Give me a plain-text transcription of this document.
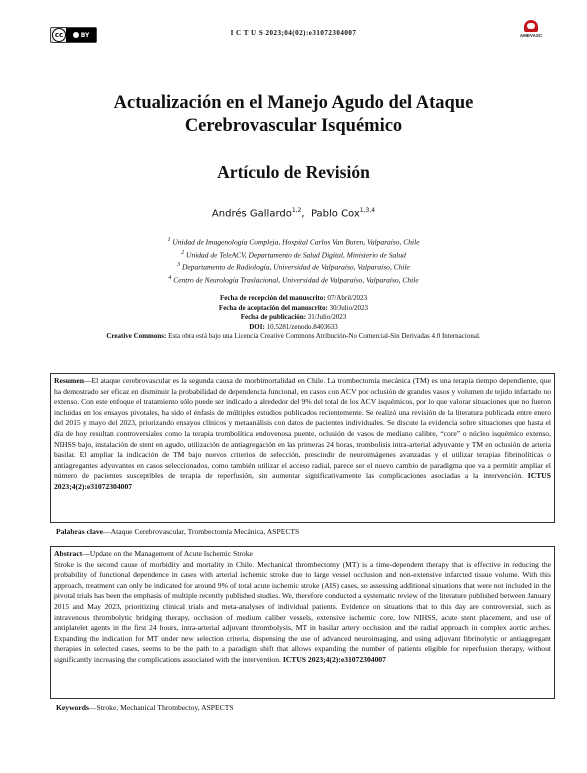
cc	BY	I C T U S 2023;04(02):e31072304007	AMEVASC
Actualización en el Manejo Agudo del Ataque
Cerebrovascular Isquémico
Artículo de Revisión
Andrés Gallardo$^{1,2}$,  Pablo Cox$^{1,3,4}$
$^1$ Unidad de Imagenología Compleja, Hospital Carlos Van Buren, Valparaíso, Chile
$^2$ Unidad de TeleACV, Departamento de Salud Digital, Ministerio de Salud
$^3$ Departamento de Radiología, Universidad de Valparaíso, Valparaíso, Chile
$^4$ Centro de Neurología Traslacional, Universidad de Valparaíso, Valparaíso, Chile
Fecha de recepción del manuscrito: 07/Abril/2023
Fecha de aceptación del manuscrito: 30/Julio/2023
Fecha de publicación: 31/Julio/2023
DOI: 10.5281/zenodo.8403633
Creative Commons: Esta obra está bajo una Licencia Creative Commons Atribución-No Comercial-Sin Derivadas 4.0 Internacional.
Resumen—El ataque cerebrovascular es la segunda causa de morbimortalidad en Chile. La trombectomía mecánica (TM) es una terapia tiempo dependiente, que ha demostrado ser eficaz en disminuir la probabilidad de dependencia funcional, en casos con ACV por oclusión de grandes vasos y volumen de tejido infartado no extenso. Con este enfoque el tratamiento sólo puede ser indicado a alrededor del 9% del total de los ACV isquémicos, por lo que valorar situaciones que no fueron incluidas en los ensayos pivotales, ha sido el énfasis de múltiples estudios publicados recientemente. Se realizó una revisión de la literatura publicada entre enero del 2015 y mayo del 2023, priorizando ensayos clínicos y metaanálisis con datos de pacientes individuales. Se discute la evidencia sobre situaciones que hasta el día de hoy resultan controversiales como la terapia trombolítica endovenosa puente, oclusión de vasos de mediano calibre, “core” o núcleo isquémico extenso, NIHSS bajo, instalación de stent en agudo, utilización de antiagregación en las primeras 24 horas, trombolisis intra-arterial adyuvante y TM en oclusión de arteria basilar. El ampliar la indicación de TM bajo nuevos criterios de selección, prescindir de neuroimágenes avanzadas y el utilizar terapias fibrinolíticas o antiagregantes adyuvantes en casos seleccionados, como también utilizar el acceso radial, parece ser el nuevo cambio de paradigma que va a permitir ampliar el número de pacientes susceptibles de terapia de reperfusión, sin aumentar significativamente las complicaciones asociadas a la intervención. ICTUS 2023;4(2):e31072304007
Palabras clave—Ataque Cerebrovascular, Trombectomía Mecánica, ASPECTS
Abstract—Update on the Management of Acute Ischemic Stroke
Stroke is the second cause of morbidity and mortality in Chile. Mechanical thrombectomy (MT) is a time-dependent therapy that is effective in reducing the probability of functional dependence in cases with arterial ischemic stroke due to large vessel occlusion and non-extensive infarcted tissue volume. With this approach, treatment can only be indicated for around 9% of total acute ischemic stroke (AIS) cases, so assessing additional situations that were not included in the pivotal trials has been the emphasis of multiple recently published studies. We, therefore conducted a systematic review of the literature published between January 2015 and May 2023, prioritizing clinical trials and meta-analyses of individual patients. Evidence on situations that to this day are controversial, such as intravenous thrombolytic bridging therapy, occlusion of medium caliber vessels, extensive ischemic core, low NIHSS, acute stent placement, and use of antiplatelet agents in the first 24 hours, intra-arterial adjuvant thrombolysis, MT in basilar artery occlusion and the radial approach in complex aortic arches. Expanding the indication for MT under new selection criteria, dispensing the use of advanced neuroimaging, and using adjuvant fibrinolytic or antiaggregant therapies in selected cases, seems to be the path to a paradigm shift that allows expanding the number of patients eligible for reperfusion therapy, without significantly increasing the complications associated with the intervention. ICTUS 2023;4(2):e31072304007
Keywords—Stroke, Mechanical Thrombectoy, ASPECTS
